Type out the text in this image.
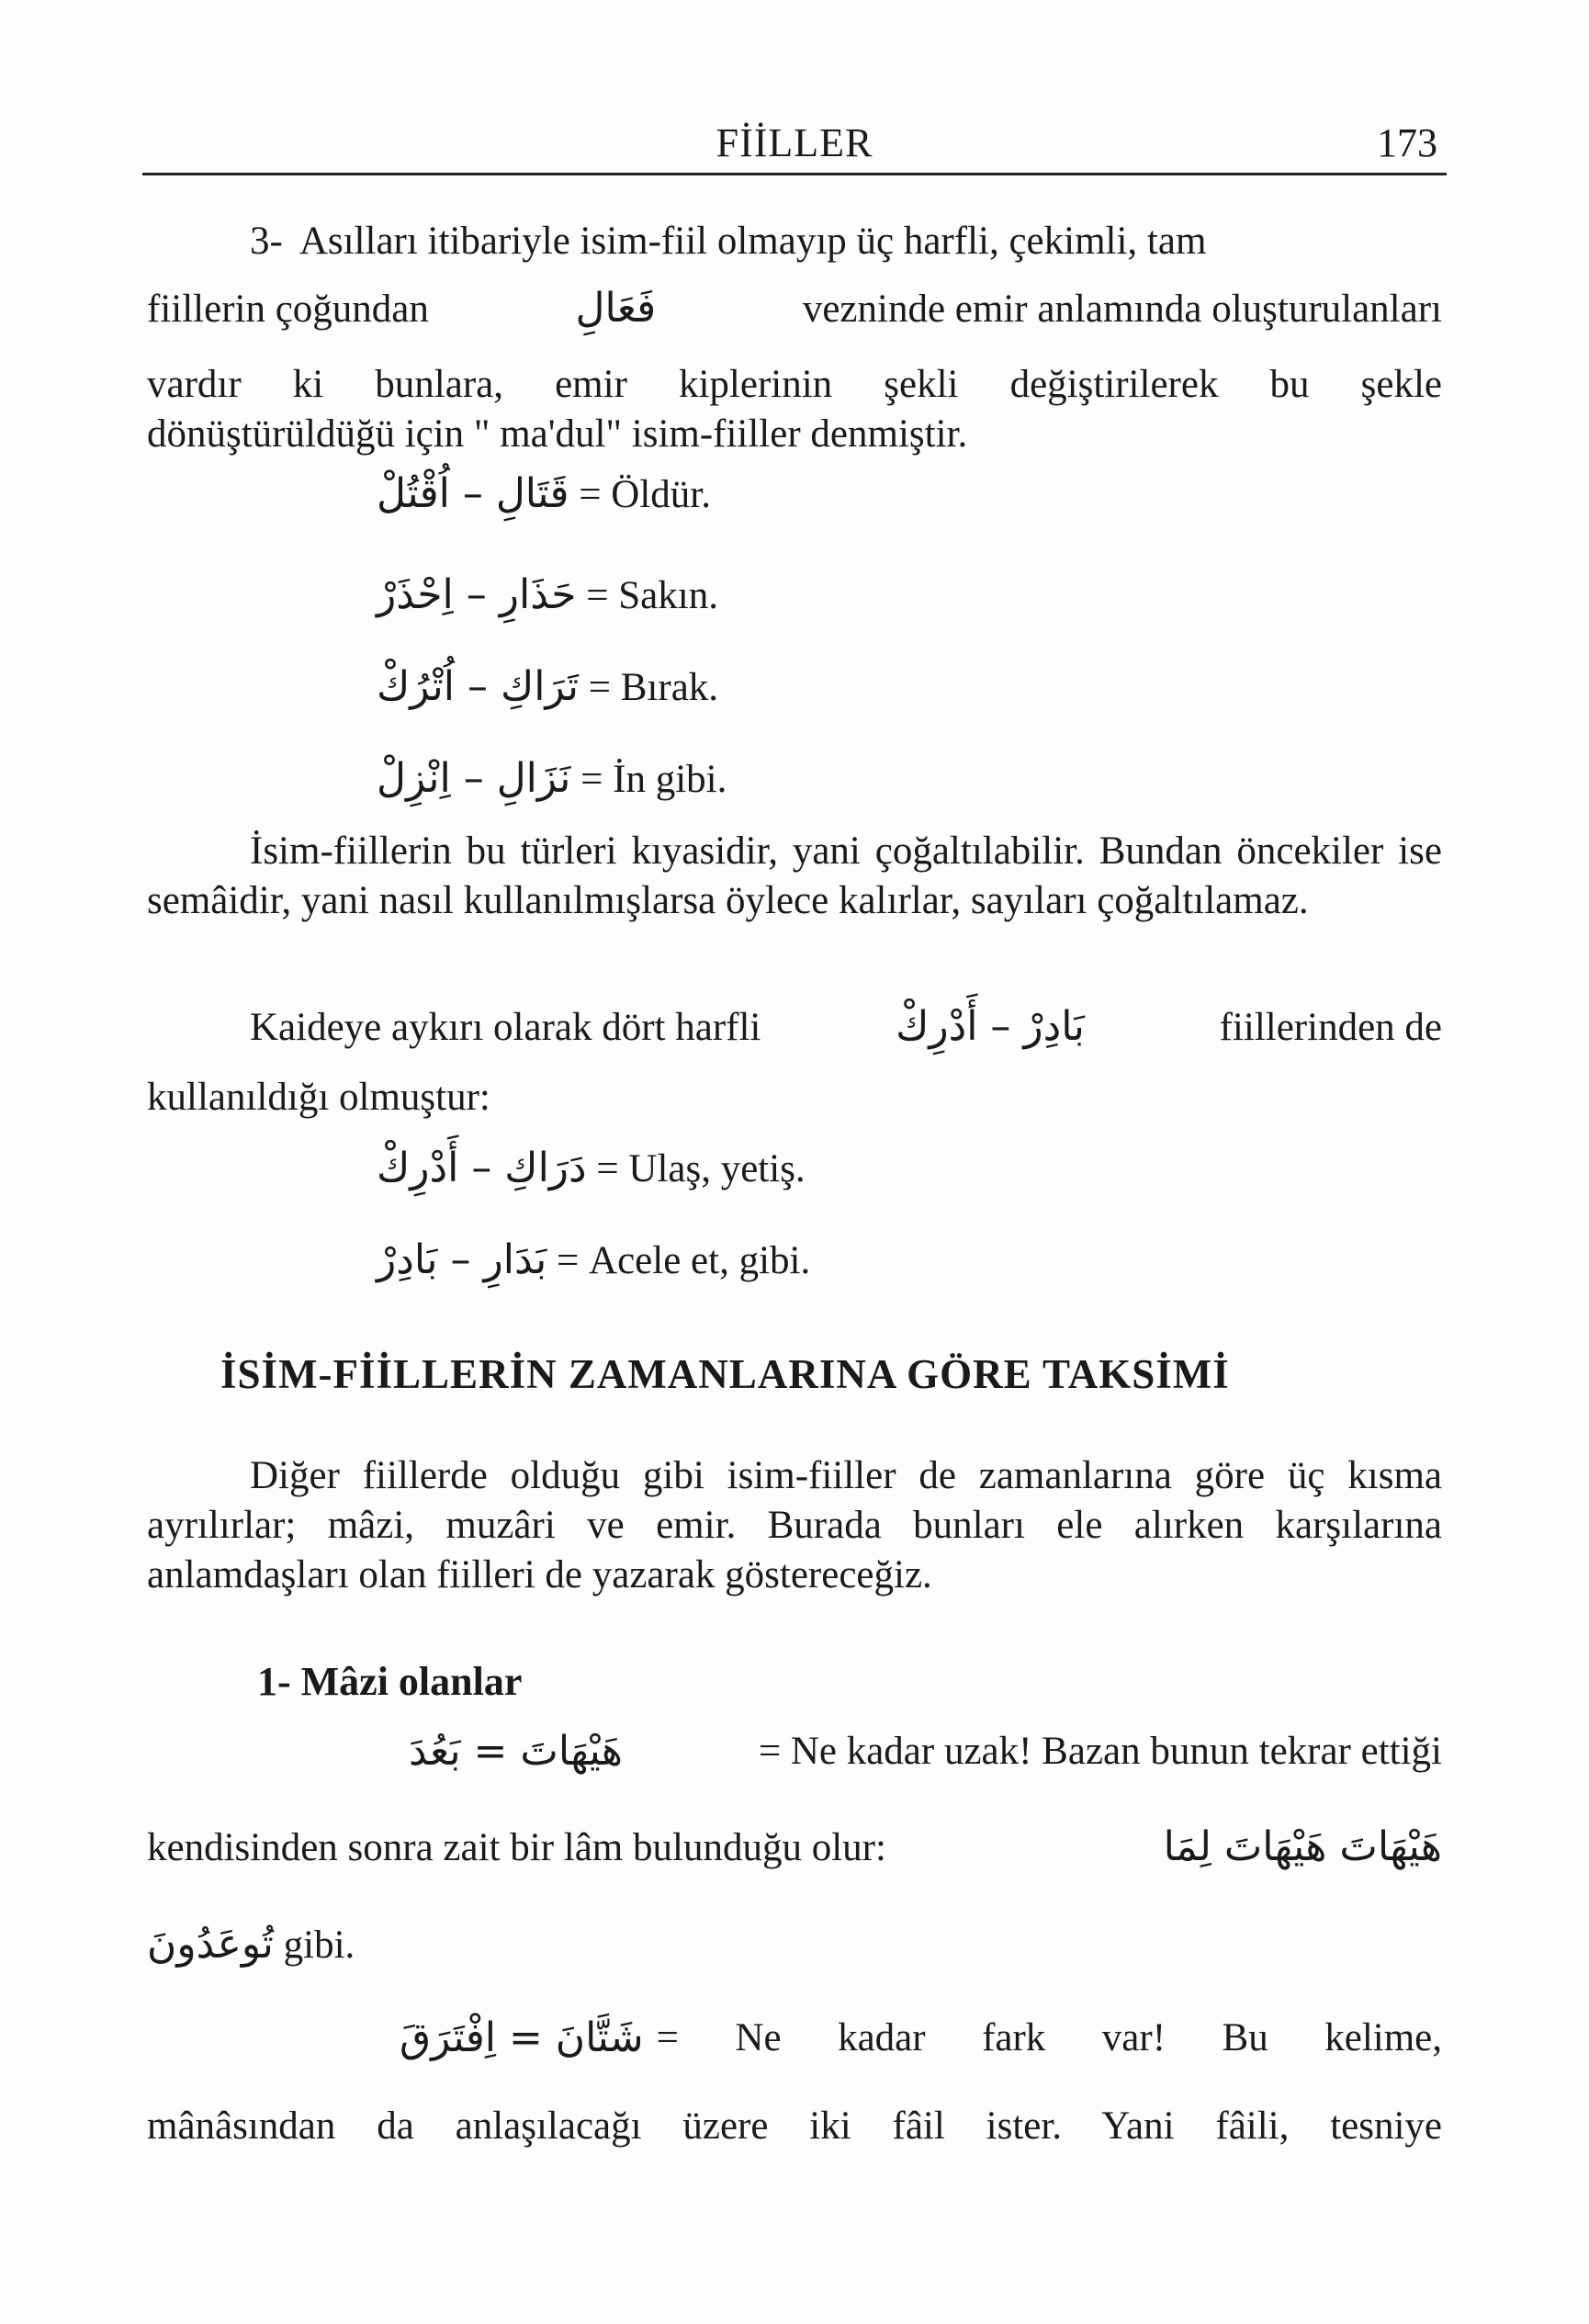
FİİLLER	173
3- Asılları itibariyle isim-fiil olmayıp üç harfli, çekimli, tam
fiillerin çoğundan	فَعَالِ	vezninde emir anlamında oluşturulanları
vardır ki bunlara, emir kiplerinin şekli değiştirilerek bu şekle
dönüştürüldüğü için " ma'dul" isim-fiiller denmiştir.
قَتَالِ – اُقْتُلْ = Öldür.
حَذَارِ – اِحْذَرْ = Sakın.
تَرَاكِ – اُتْرُكْ = Bırak.
نَزَالِ – اِنْزِلْ = İn gibi.
İsim-fiillerin bu türleri kıyasidir, yani çoğaltılabilir. Bundan öncekiler ise semâidir, yani nasıl kullanılmışlarsa öylece kalırlar, sayıları çoğaltılamaz.
Kaideye aykırı olarak dört harfli	بَادِرْ – أَدْرِكْ	fiillerinden de
kullanıldığı olmuştur:
دَرَاكِ – أَدْرِكْ = Ulaş, yetiş.
بَدَارِ – بَادِرْ = Acele et, gibi.
İSİM-FİİLLERİN ZAMANLARINA GÖRE TAKSİMİ
Diğer fiillerde olduğu gibi isim-fiiller de zamanlarına göre üç kısma ayrılırlar; mâzi, muzâri ve emir. Burada bunları ele alırken karşılarına anlamdaşları olan fiilleri de yazarak göstereceğiz.
1- Mâzi olanlar
هَيْهَاتَ = بَعُدَ	= Ne kadar uzak! Bazan bunun tekrar ettiği
kendisinden sonra zait bir lâm bulunduğu olur:	هَيْهَاتَ هَيْهَاتَ لِمَا
تُوعَدُونَ gibi.
شَتَّانَ = اِفْتَرَقَ = Ne kadar fark var! Bu kelime,
mânâsından da anlaşılacağı üzere iki fâil ister. Yani fâili, tesniye
